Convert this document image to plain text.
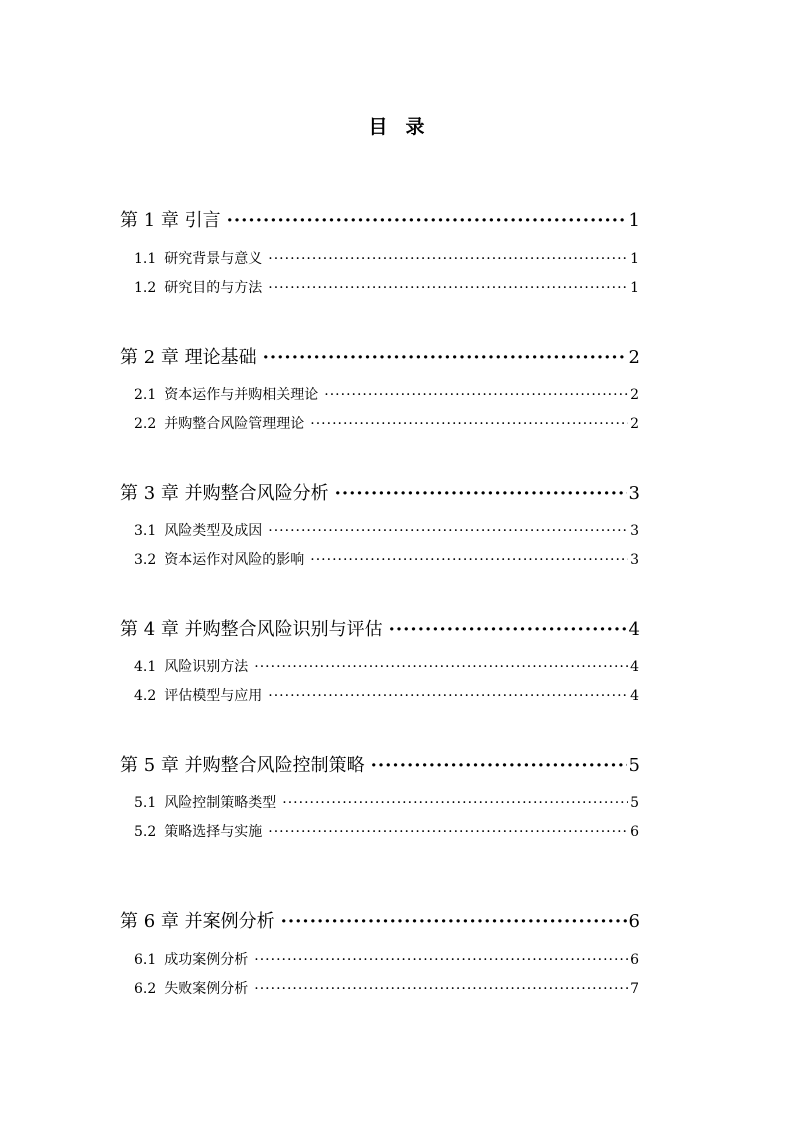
目 录
第 1 章 引言 ·····	1
1.1 研究背景与意义 ·····	1
1.2 研究目的与方法 ·····	1
第 2 章 理论基础 ·····	2
2.1 资本运作与并购相关理论 ·····	2
2.2 并购整合风险管理理论 ·····	2
第 3 章 并购整合风险分析 ·····	3
3.1 风险类型及成因 ·····	3
3.2 资本运作对风险的影响 ·····	3
第 4 章 并购整合风险识别与评估 ·····	4
4.1 风险识别方法 ·····	4
4.2 评估模型与应用 ·····	4
第 5 章 并购整合风险控制策略 ·····	5
5.1 风险控制策略类型 ·····	5
5.2 策略选择与实施 ·····	6
第 6 章 并案例分析 ·····	6
6.1 成功案例分析 ·····	6
6.2 失败案例分析 ·····	7
